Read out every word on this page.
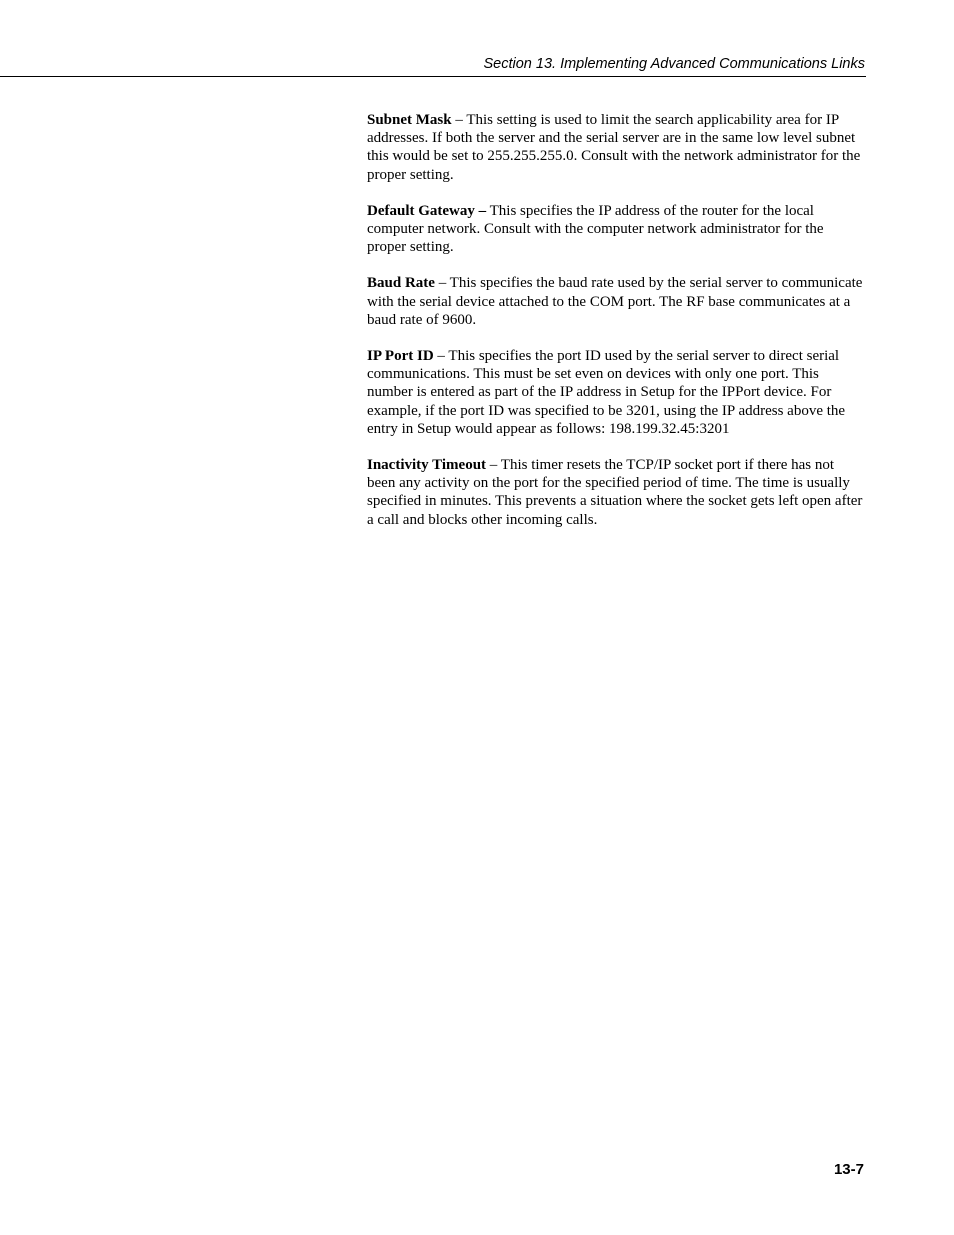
Section 13. Implementing Advanced Communications Links

Subnet Mask – This setting is used to limit the search applicability area for IP addresses. If both the server and the serial server are in the same low level subnet this would be set to 255.255.255.0. Consult with the network administrator for the proper setting.

Default Gateway – This specifies the IP address of the router for the local computer network. Consult with the computer network administrator for the proper setting.

Baud Rate – This specifies the baud rate used by the serial server to communicate with the serial device attached to the COM port. The RF base communicates at a baud rate of 9600.

IP Port ID – This specifies the port ID used by the serial server to direct serial communications. This must be set even on devices with only one port. This number is entered as part of the IP address in Setup for the IPPort device. For example, if the port ID was specified to be 3201, using the IP address above the entry in Setup would appear as follows: 198.199.32.45:3201

Inactivity Timeout – This timer resets the TCP/IP socket port if there has not been any activity on the port for the specified period of time. The time is usually specified in minutes. This prevents a situation where the socket gets left open after a call and blocks other incoming calls.

13-7
